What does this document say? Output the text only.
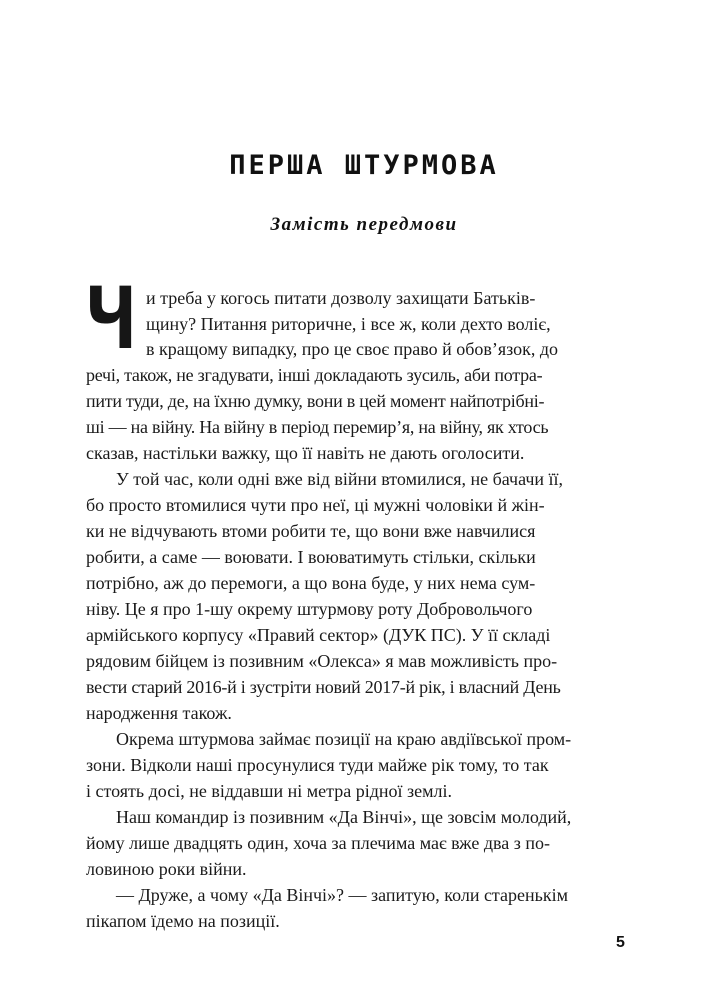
ПЕРША ШТУРМОВА
Замість передмови
Ч и треба у когось питати дозволу захищати Батьків-

щину? Питання риторичне, і все ж, коли дехто воліє,

в кращому випадку, про це своє право й обов’язок, до

речі, також, не згадувати, інші докладають зусиль, аби потра-

пити туди, де, на їхню думку, вони в цей момент найпотрібні-

ші — на війну. На війну в період перемир’я, на війну, як хтось

сказав, настільки важку, що її навіть не дають оголосити.

У той час, коли одні вже від війни втомилися, не бачачи її,

бо просто втомилися чути про неї, ці мужні чоловіки й жін-

ки не відчувають втоми робити те, що вони вже навчилися

робити, а саме — воювати. І воюватимуть стільки, скільки

потрібно, аж до перемоги, а що вона буде, у них нема сум-

ніву. Це я про 1-шу окрему штурмову роту Добровольчого

армійського корпусу «Правий сектор» (ДУК ПС). У її складі

рядовим бійцем із позивним «Олекса» я мав можливість про-

вести старий 2016-й і зустріти новий 2017-й рік, і власний День

народження також.

Окрема штурмова займає позиції на краю авдіївської пром-

зони. Відколи наші просунулися туди майже рік тому, то так

і стоять досі, не віддавши ні метра рідної землі.

Наш командир із позивним «Да Вінчі», ще зовсім молодий,

йому лише двадцять один, хоча за плечима має вже два з по-

ловиною роки війни.

— Друже, а чому «Да Вінчі»? — запитую, коли старенькім

пікапом їдемо на позиції.

5
